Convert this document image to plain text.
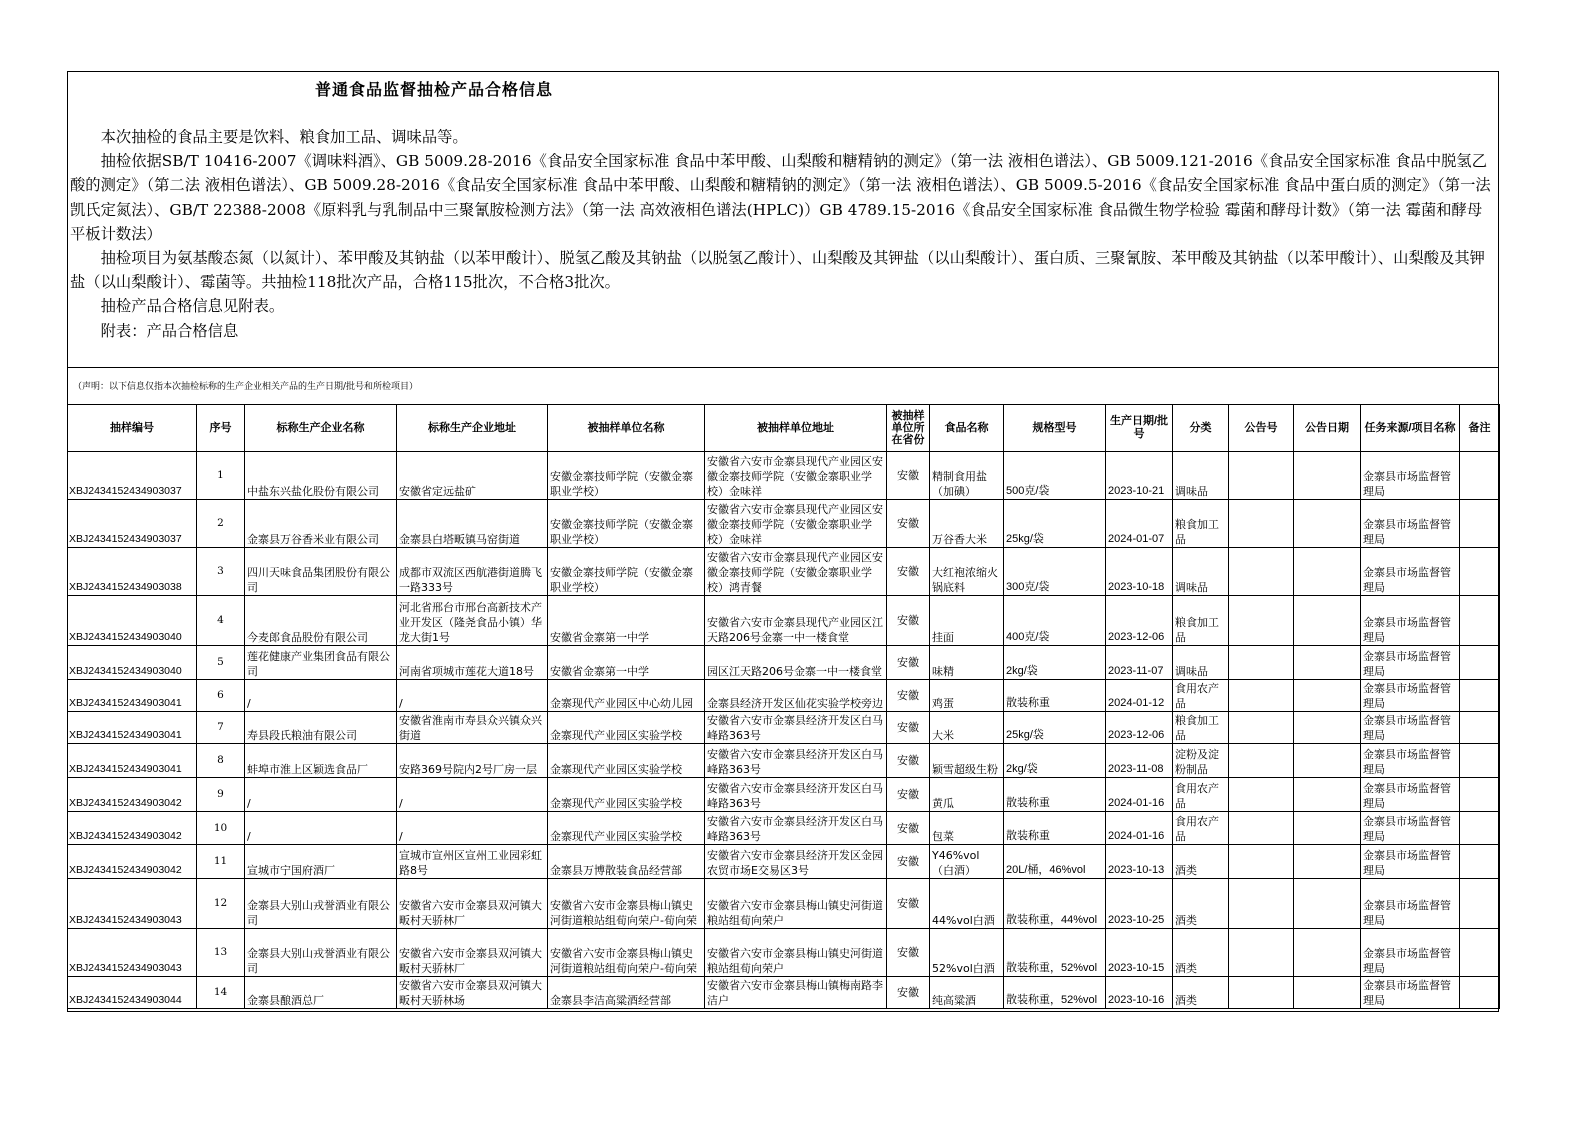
普通食品监督抽检产品合格信息

本次抽检的食品主要是饮料、粮食加工品、调味品等。

抽检依据SB/T 10416-2007《调味料酒》、GB 5009.28-2016《食品安全国家标准 食品中苯甲酸、山梨酸和糖精钠的测定》（第一法 液相色谱法）、GB 5009.121-2016《食品安全国家标准 食品中脱氢乙酸的测定》（第二法 液相色谱法）、GB 5009.28-2016《食品安全国家标准 食品中苯甲酸、山梨酸和糖精钠的测定》（第一法 液相色谱法）、GB 5009.5-2016《食品安全国家标准 食品中蛋白质的测定》（第一法 凯氏定氮法）、GB/T 22388-2008《原料乳与乳制品中三聚氰胺检测方法》（第一法 高效液相色谱法(HPLC)）GB 4789.15-2016《食品安全国家标准 食品微生物学检验 霉菌和酵母计数》（第一法 霉菌和酵母平板计数法）

抽检项目为氨基酸态氮（以氮计）、苯甲酸及其钠盐（以苯甲酸计）、脱氢乙酸及其钠盐（以脱氢乙酸计）、山梨酸及其钾盐（以山梨酸计）、蛋白质、三聚氰胺、苯甲酸及其钠盐（以苯甲酸计）、山梨酸及其钾盐（以山梨酸计）、霉菌等。共抽检118批次产品，合格115批次，不合格3批次。

抽检产品合格信息见附表。

附表：产品合格信息

（声明：以下信息仅指本次抽检标称的生产企业相关产品的生产日期/批号和所检项目）
抽样编号	序号	标称生产企业名称	标称生产企业地址	被抽样单位名称	被抽样单位地址	被抽样单位所在省份	食品名称	规格型号	生产日期/批号	分类	公告号	公告日期	任务来源/项目名称	备注
XBJ2434152434903037	1	中盐东兴盐化股份有限公司	安徽省定远盐矿	安徽金寨技师学院（安徽金寨职业学校）	安徽省六安市金寨县现代产业园区安徽金寨技师学院（安徽金寨职业学校）金味祥	安徽	精制食用盐（加碘）	500克/袋	2023-10-21	调味品			金寨县市场监督管理局	
XBJ2434152434903037	2	金寨县万谷香米业有限公司	金寨县白塔畈镇马窑街道	安徽金寨技师学院（安徽金寨职业学校）	安徽省六安市金寨县现代产业园区安徽金寨技师学院（安徽金寨职业学校）金味祥	安徽	万谷香大米	25kg/袋	2024-01-07	粮食加工品			金寨县市场监督管理局	
XBJ2434152434903038	3	四川天味食品集团股份有限公司	成都市双流区西航港街道腾飞一路333号	安徽金寨技师学院（安徽金寨职业学校）	安徽省六安市金寨县现代产业园区安徽金寨技师学院（安徽金寨职业学校）鸿青餐	安徽	大红袍浓缩火锅底料	300克/袋	2023-10-18	调味品			金寨县市场监督管理局	
XBJ2434152434903040	4	今麦郎食品股份有限公司	河北省邢台市邢台高新技术产业开发区（隆尧食品小镇）华龙大街1号	安徽省金寨第一中学	安徽省六安市金寨县现代产业园区江天路206号金寨一中一楼食堂	安徽	挂面	400克/袋	2023-12-06	粮食加工品			金寨县市场监督管理局	
XBJ2434152434903040	5	莲花健康产业集团食品有限公司	河南省项城市莲花大道18号	安徽省金寨第一中学	园区江天路206号金寨一中一楼食堂	安徽	味精	2kg/袋	2023-11-07	调味品			金寨县市场监督管理局	
XBJ2434152434903041	6	/	/	金寨现代产业园区中心幼儿园	金寨县经济开发区仙花实验学校旁边	安徽	鸡蛋	散装称重	2024-01-12	食用农产品			金寨县市场监督管理局	
XBJ2434152434903041	7	寿县段氏粮油有限公司	安徽省淮南市寿县众兴镇众兴街道	金寨现代产业园区实验学校	安徽省六安市金寨县经济开发区白马峰路363号	安徽	大米	25kg/袋	2023-12-06	粮食加工品			金寨县市场监督管理局	
XBJ2434152434903041	8	蚌埠市淮上区颖选食品厂	安路369号院内2号厂房一层	金寨现代产业园区实验学校	安徽省六安市金寨县经济开发区白马峰路363号	安徽	颖雪超级生粉	2kg/袋	2023-11-08	淀粉及淀粉制品			金寨县市场监督管理局	
XBJ2434152434903042	9	/	/	金寨现代产业园区实验学校	安徽省六安市金寨县经济开发区白马峰路363号	安徽	黄瓜	散装称重	2024-01-16	食用农产品			金寨县市场监督管理局	
XBJ2434152434903042	10	/	/	金寨现代产业园区实验学校	安徽省六安市金寨县经济开发区白马峰路363号	安徽	包菜	散装称重	2024-01-16	食用农产品			金寨县市场监督管理局	
XBJ2434152434903042	11	宣城市宁国府酒厂	宣城市宣州区宣州工业园彩虹路8号	金寨县万博散装食品经营部	安徽省六安市金寨县经济开发区金园农贸市场E交易区3号	安徽	Y46%vol（白酒）	20L/桶，46%vol	2023-10-13	酒类			金寨县市场监督管理局	
XBJ2434152434903043	12	金寨县大别山戎誉酒业有限公司	安徽省六安市金寨县双河镇大畈村天骄林厂	安徽省六安市金寨县梅山镇史河街道粮站组荀向荣户-荀向荣	安徽省六安市金寨县梅山镇史河街道粮站组荀向荣户	安徽	44%vol白酒	散装称重，44%vol	2023-10-25	酒类			金寨县市场监督管理局	
XBJ2434152434903043	13	金寨县大别山戎誉酒业有限公司	安徽省六安市金寨县双河镇大畈村天骄林厂	安徽省六安市金寨县梅山镇史河街道粮站组荀向荣户-荀向荣	安徽省六安市金寨县梅山镇史河街道粮站组荀向荣户	安徽	52%vol白酒	散装称重，52%vol	2023-10-15	酒类			金寨县市场监督管理局	
XBJ2434152434903044	14	金寨县酿酒总厂	安徽省六安市金寨县双河镇大畈村天骄林场	金寨县李洁高粱酒经营部	安徽省六安市金寨县梅山镇梅南路李洁户	安徽	纯高粱酒	散装称重，52%vol	2023-10-16	酒类			金寨县市场监督管理局	
